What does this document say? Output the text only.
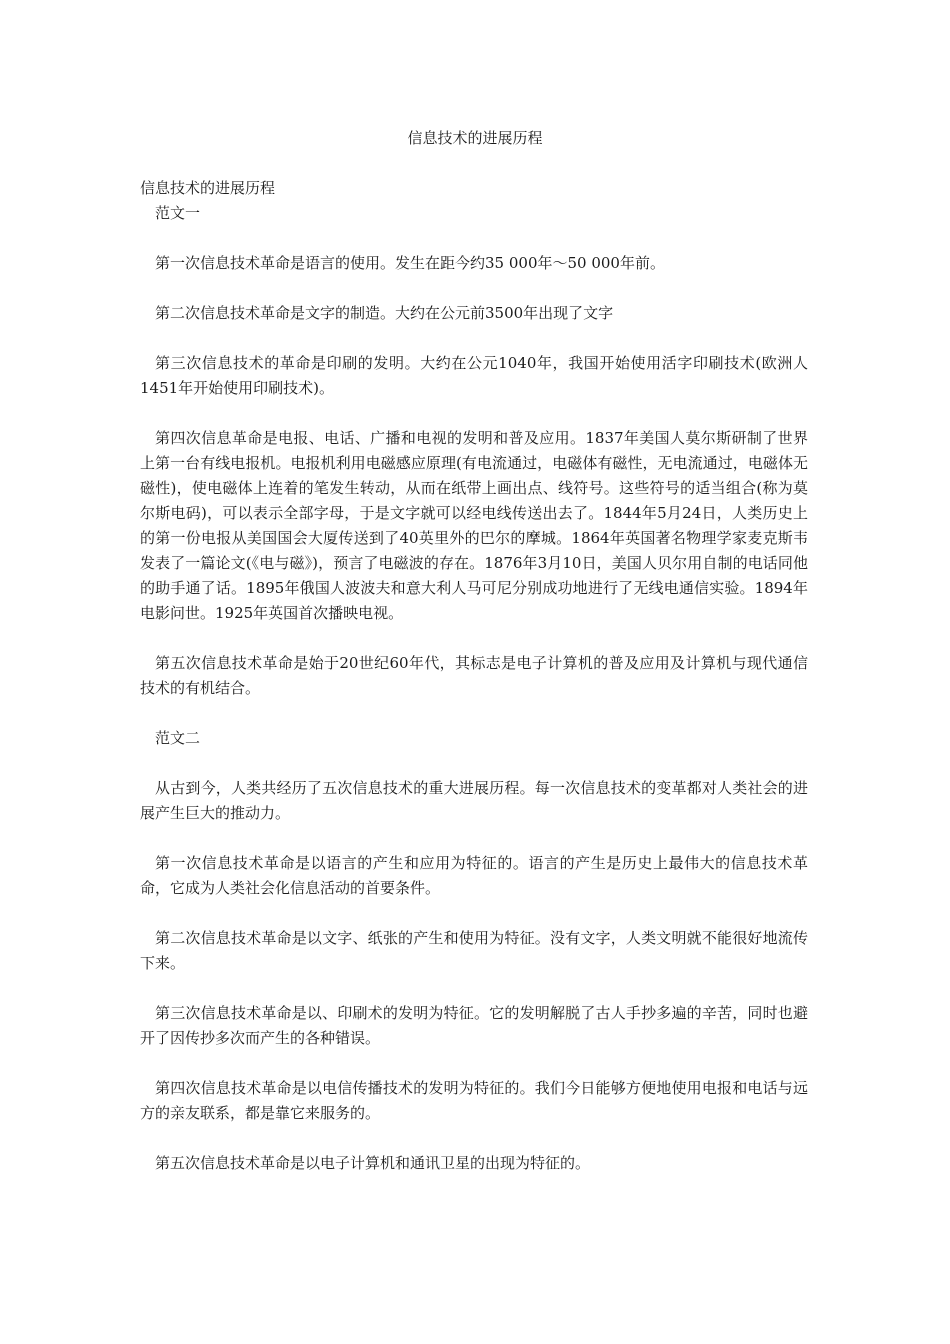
信息技术的进展历程

信息技术的进展历程

范文一

第一次信息技术革命是语言的使用。发生在距今约35 000年～50 000年前。

第二次信息技术革命是文字的制造。大约在公元前3500年出现了文字

第三次信息技术的革命是印刷的发明。大约在公元1040年，我国开始使用活字印刷技术(欧洲人1451年开始使用印刷技术)。

第四次信息革命是电报、电话、广播和电视的发明和普及应用。1837年美国人莫尔斯研制了世界上第一台有线电报机。电报机利用电磁感应原理(有电流通过，电磁体有磁性，无电流通过，电磁体无磁性)，使电磁体上连着的笔发生转动，从而在纸带上画出点、线符号。这些符号的适当组合(称为莫尔斯电码)，可以表示全部字母，于是文字就可以经电线传送出去了。1844年5月24日，人类历史上的第一份电报从美国国会大厦传送到了40英里外的巴尔的摩城。1864年英国著名物理学家麦克斯韦发表了一篇论文(《电与磁》)，预言了电磁波的存在。1876年3月10日，美国人贝尔用自制的电话同他的助手通了话。1895年俄国人波波夫和意大利人马可尼分别成功地进行了无线电通信实验。1894年电影问世。1925年英国首次播映电视。

第五次信息技术革命是始于20世纪60年代，其标志是电子计算机的普及应用及计算机与现代通信技术的有机结合。

范文二

从古到今，人类共经历了五次信息技术的重大进展历程。每一次信息技术的变革都对人类社会的进展产生巨大的推动力。

第一次信息技术革命是以语言的产生和应用为特征的。语言的产生是历史上最伟大的信息技术革命，它成为人类社会化信息活动的首要条件。

第二次信息技术革命是以文字、纸张的产生和使用为特征。没有文字，人类文明就不能很好地流传下来。

第三次信息技术革命是以、印刷术的发明为特征。它的发明解脱了古人手抄多遍的辛苦，同时也避开了因传抄多次而产生的各种错误。

第四次信息技术革命是以电信传播技术的发明为特征的。我们今日能够方便地使用电报和电话与远方的亲友联系，都是靠它来服务的。

第五次信息技术革命是以电子计算机和通讯卫星的出现为特征的。
